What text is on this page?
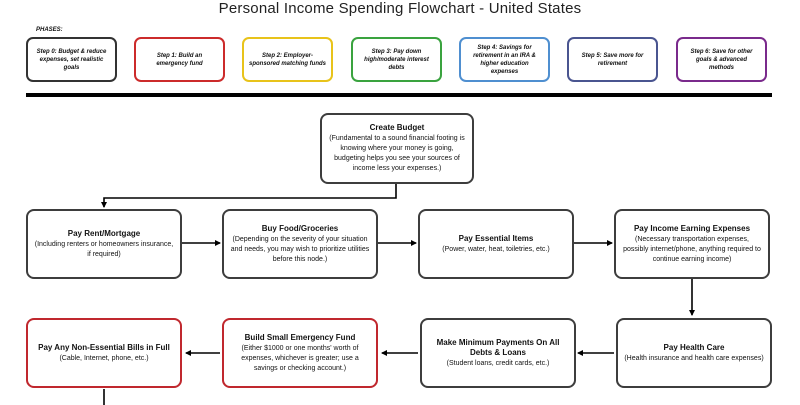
Personal Income Spending Flowchart - United States
PHASES:
Step 0: Budget & reduce expenses, set realistic goals
Step 1: Build an emergency fund
Step 2: Employer-sponsored matching funds
Step 3: Pay down high/moderate interest debts
Step 4: Savings for retirement in an IRA & higher education expenses
Step 5: Save more for retirement
Step 6: Save for other goals & advanced methods
Create Budget
(Fundamental to a sound financial footing is knowing where your money is going, budgeting helps you see your sources of income less your expenses.)
Pay Rent/Mortgage
(Including renters or homeowners insurance, if required)
Buy Food/Groceries
(Depending on the severity of your situation and needs, you may wish to prioritize utilities before this node.)
Pay Essential Items
(Power, water, heat, toiletries, etc.)
Pay Income Earning Expenses
(Necessary transportation expenses, possibly internet/phone, anything required to continue earning income)
Pay Health Care
(Health insurance and health care expenses)
Make Minimum Payments On All Debts & Loans
(Student loans, credit cards, etc.)
Build Small Emergency Fund
(Either $1000 or one months' worth of expenses, whichever is greater; use a savings or checking account.)
Pay Any Non-Essential Bills in Full
(Cable, Internet, phone, etc.)
